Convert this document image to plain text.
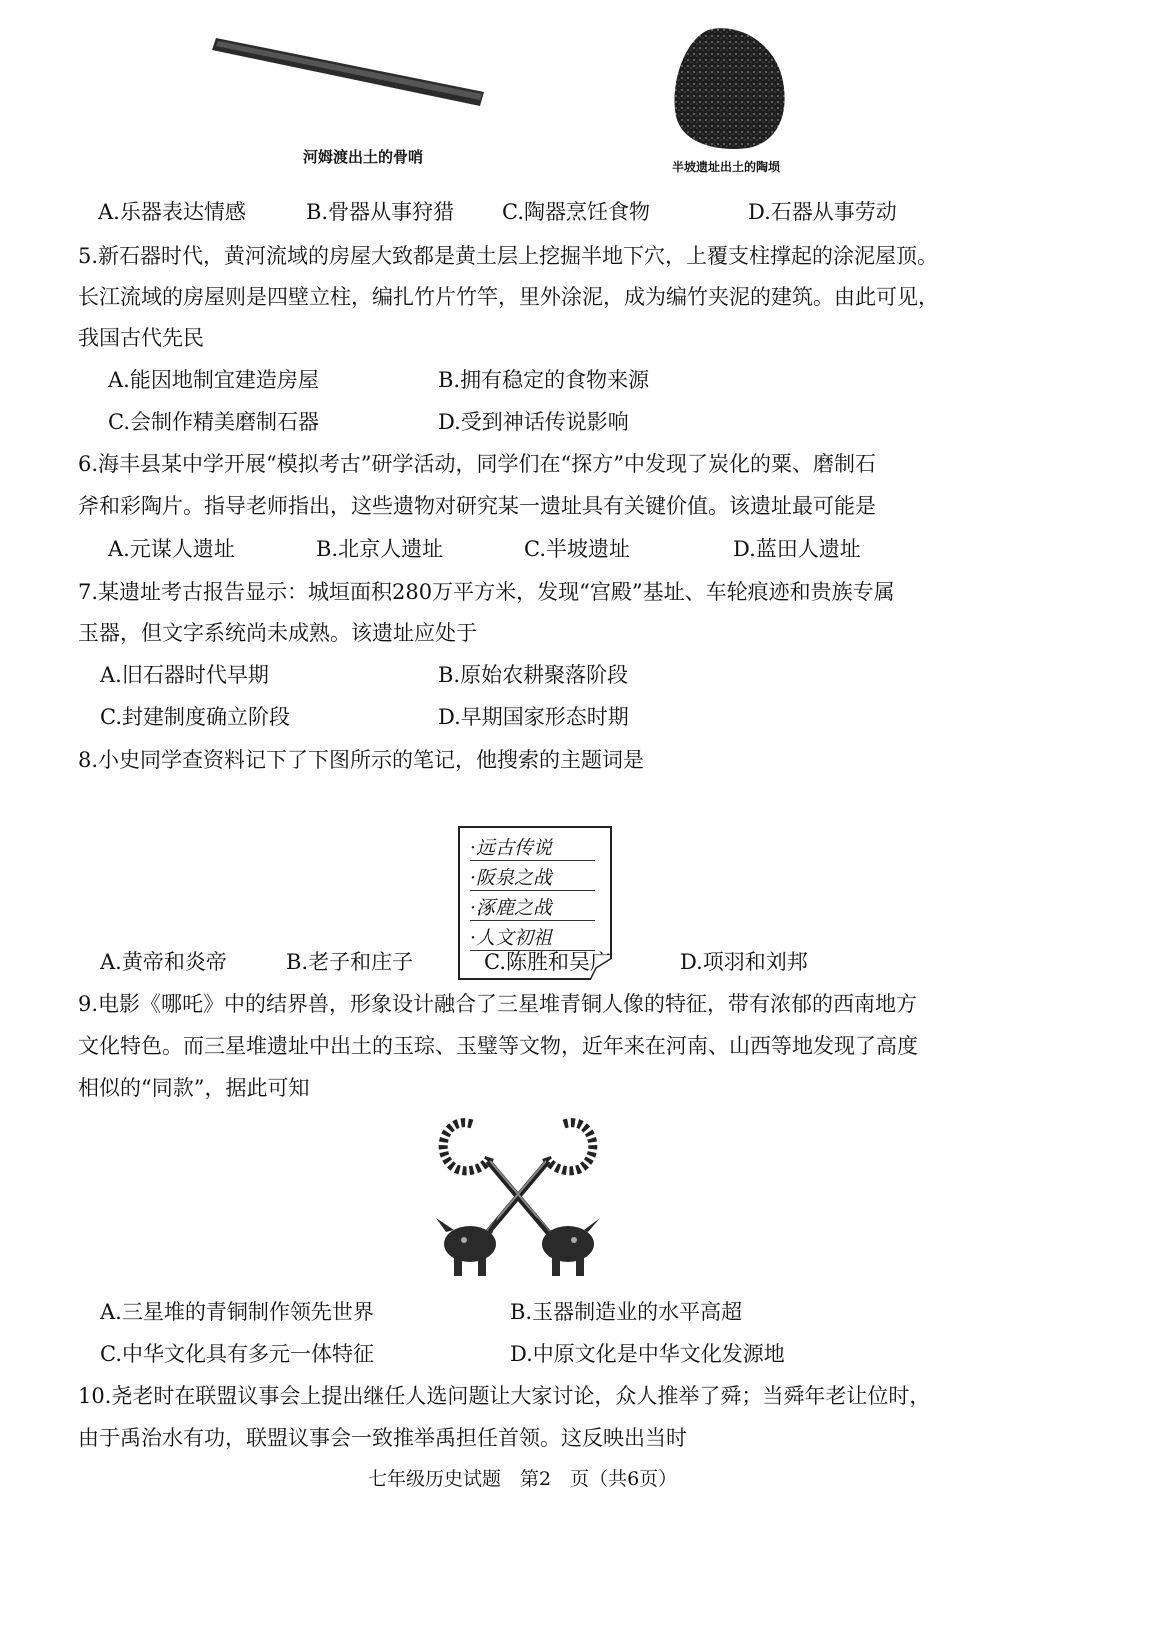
河姆渡出土的骨哨
半坡遗址出土的陶埙
A.乐器表达情感	B.骨器从事狩猎 C.陶器烹饪食物	D.石器从事劳动
5.新石器时代，黄河流域的房屋大致都是黄土层上挖掘半地下穴，上覆支柱撑起的涂泥屋顶。
长江流域的房屋则是四壁立柱，编扎竹片竹竿，里外涂泥，成为编竹夹泥的建筑。由此可见，
我国古代先民
A.能因地制宜建造房屋	B.拥有稳定的食物来源
C.会制作精美磨制石器	D.受到神话传说影响
6.海丰县某中学开展“模拟考古”研学活动，同学们在“探方”中发现了炭化的粟、磨制石
斧和彩陶片。指导老师指出，这些遗物对研究某一遗址具有关键价值。该遗址最可能是
A.元谋人遗址	B.北京人遗址	C.半坡遗址	D.蓝田人遗址
7.某遗址考古报告显示：城垣面积280万平方米，发现“宫殿”基址、车轮痕迹和贵族专属
玉器，但文字系统尚未成熟。该遗址应处于
A.旧石器时代早期	B.原始农耕聚落阶段
C.封建制度确立阶段	D.早期国家形态时期
8.小史同学查资料记下了下图所示的笔记，他搜索的主题词是
·远古传说
·阪泉之战
·涿鹿之战
·人文初祖
A.黄帝和炎帝	B.老子和庄子	C.陈胜和吴广	D.项羽和刘邦
9.电影《哪吒》中的结界兽，形象设计融合了三星堆青铜人像的特征，带有浓郁的西南地方
文化特色。而三星堆遗址中出土的玉琮、玉璧等文物，近年来在河南、山西等地发现了高度
相似的“同款”，据此可知
A.三星堆的青铜制作领先世界	B.玉器制造业的水平高超
C.中华文化具有多元一体特征	D.中原文化是中华文化发源地
10.尧老时在联盟议事会上提出继任人选问题让大家讨论，众人推举了舜；当舜年老让位时，
由于禹治水有功，联盟议事会一致推举禹担任首领。这反映出当时
七年级历史试题　第2　页（共6页）
